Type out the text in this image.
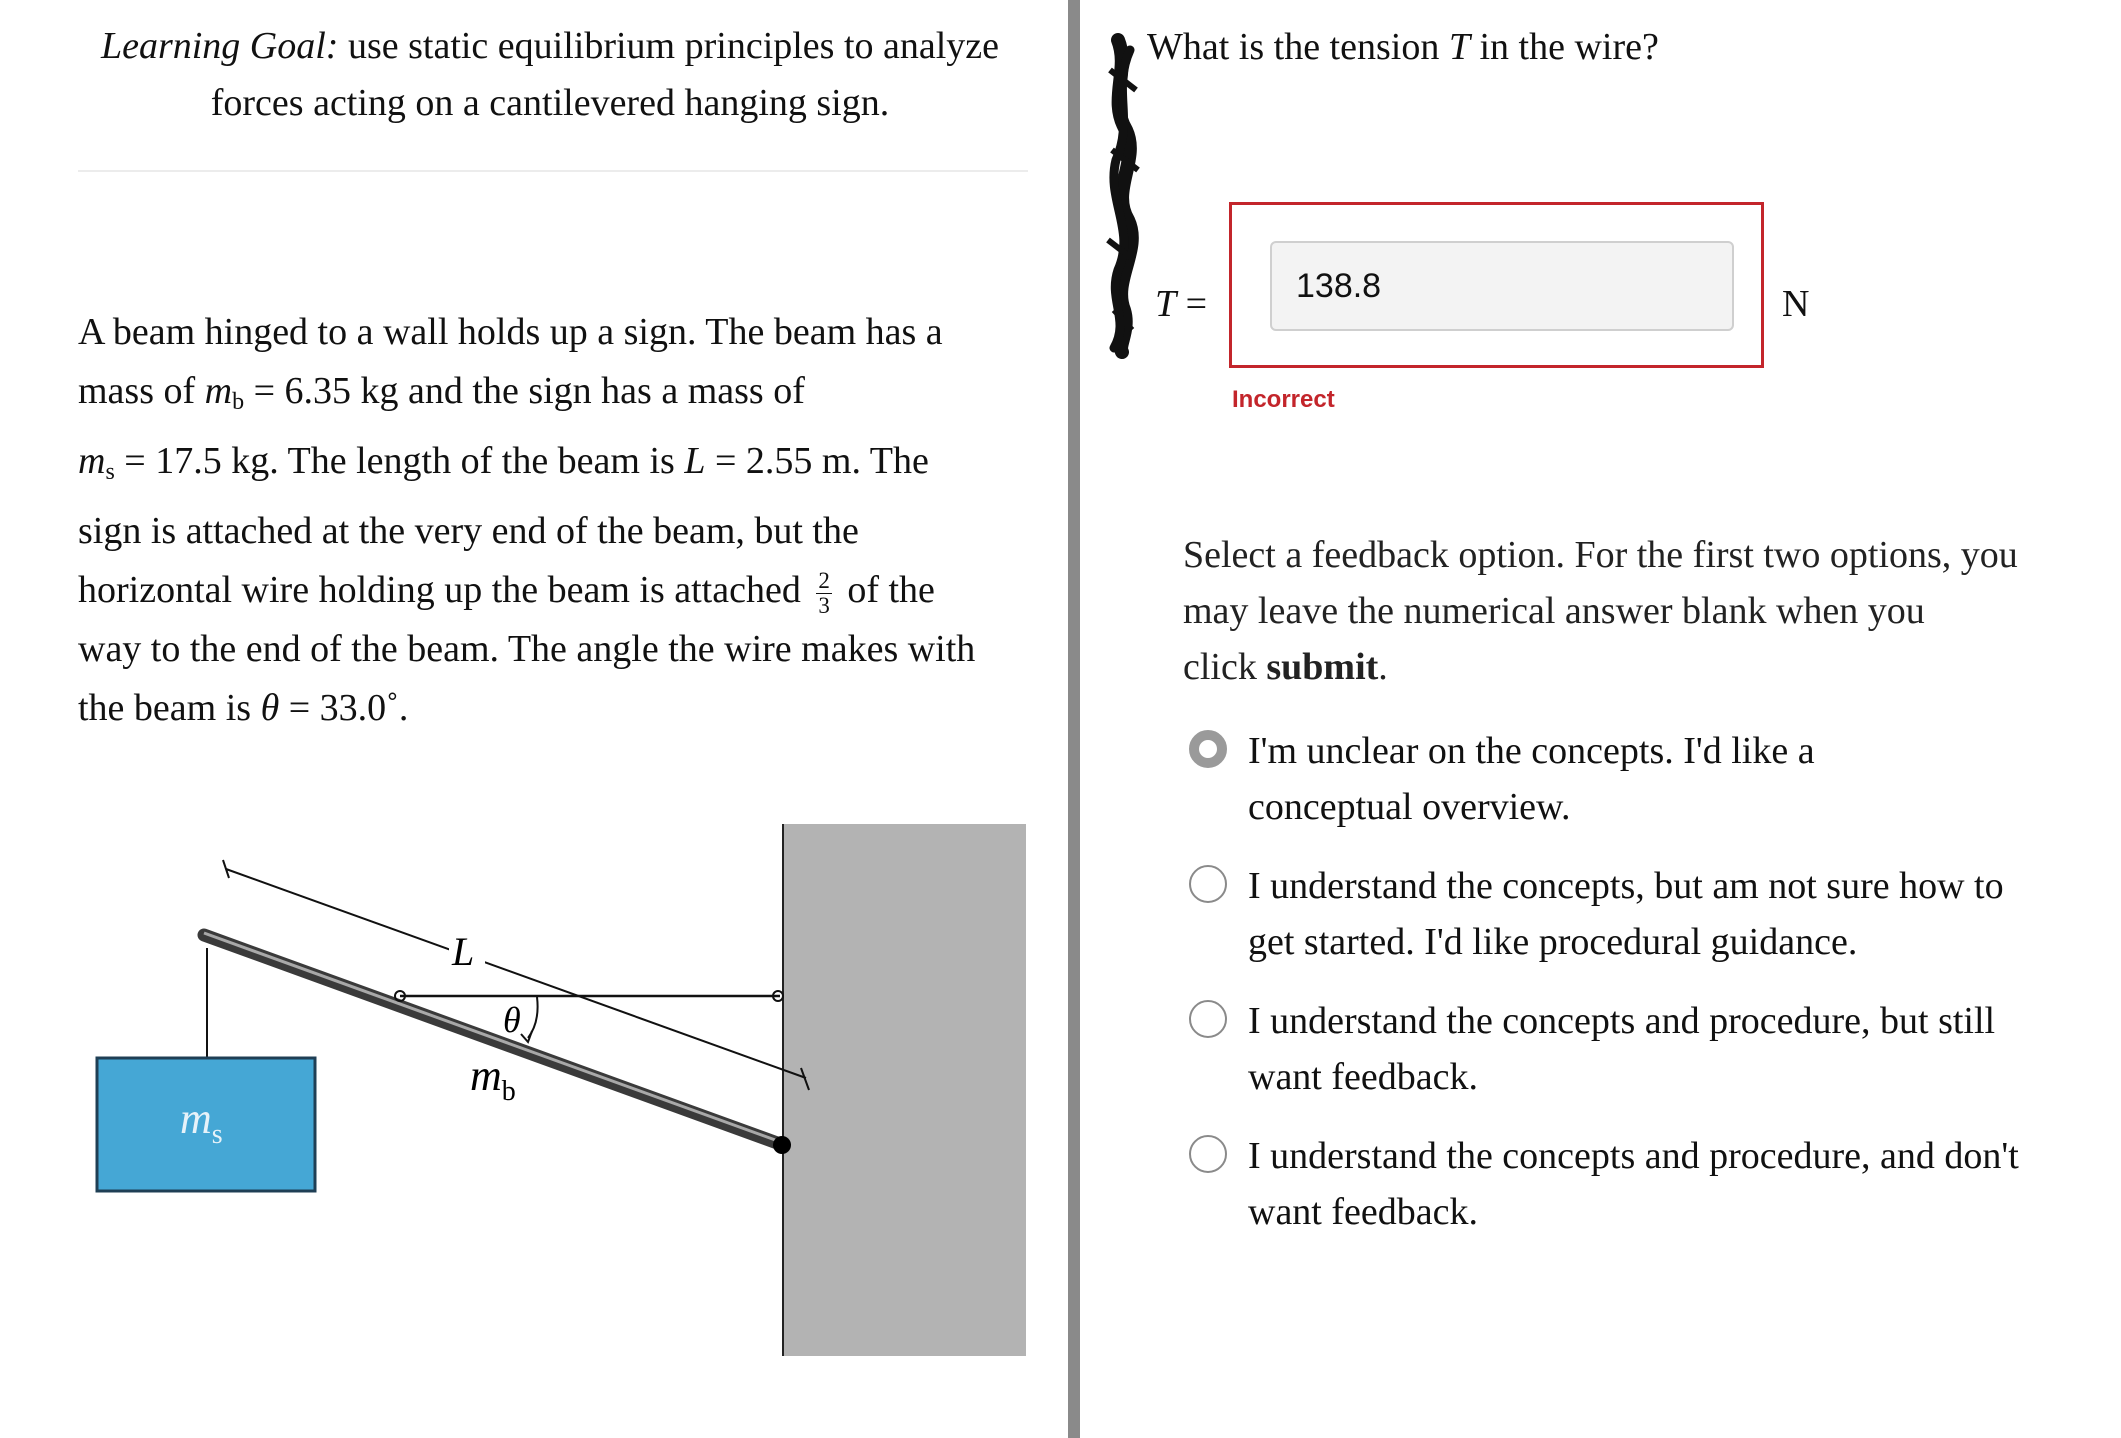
Learning Goal: use static equilibrium principles to analyze
forces acting on a cantilevered hanging sign.
A beam hinged to a wall holds up a sign. The beam has a
mass of $m_b = 6.35$ kg and the sign has a mass of
$m_s = 17.5$ kg. The length of the beam is L = 2.55 m. The
sign is attached at the very end of the beam, but the
horizontal wire holding up the beam is attached $\frac{2}{3}$ of the
way to the end of the beam. The angle the wire makes with
the beam is θ = 33.0˚.
L
$m_s$
θ
$m_b$
What is the tension T in the wire?
T =
138.8	N
Incorrect
Select a feedback option. For the first two options, you
may leave the numerical answer blank when you
click submit.
I'm unclear on the concepts. I'd like a
conceptual overview.
I understand the concepts, but am not sure how to
get started. I'd like procedural guidance.
I understand the concepts and procedure, but still
want feedback.
I understand the concepts and procedure, and don't
want feedback.
